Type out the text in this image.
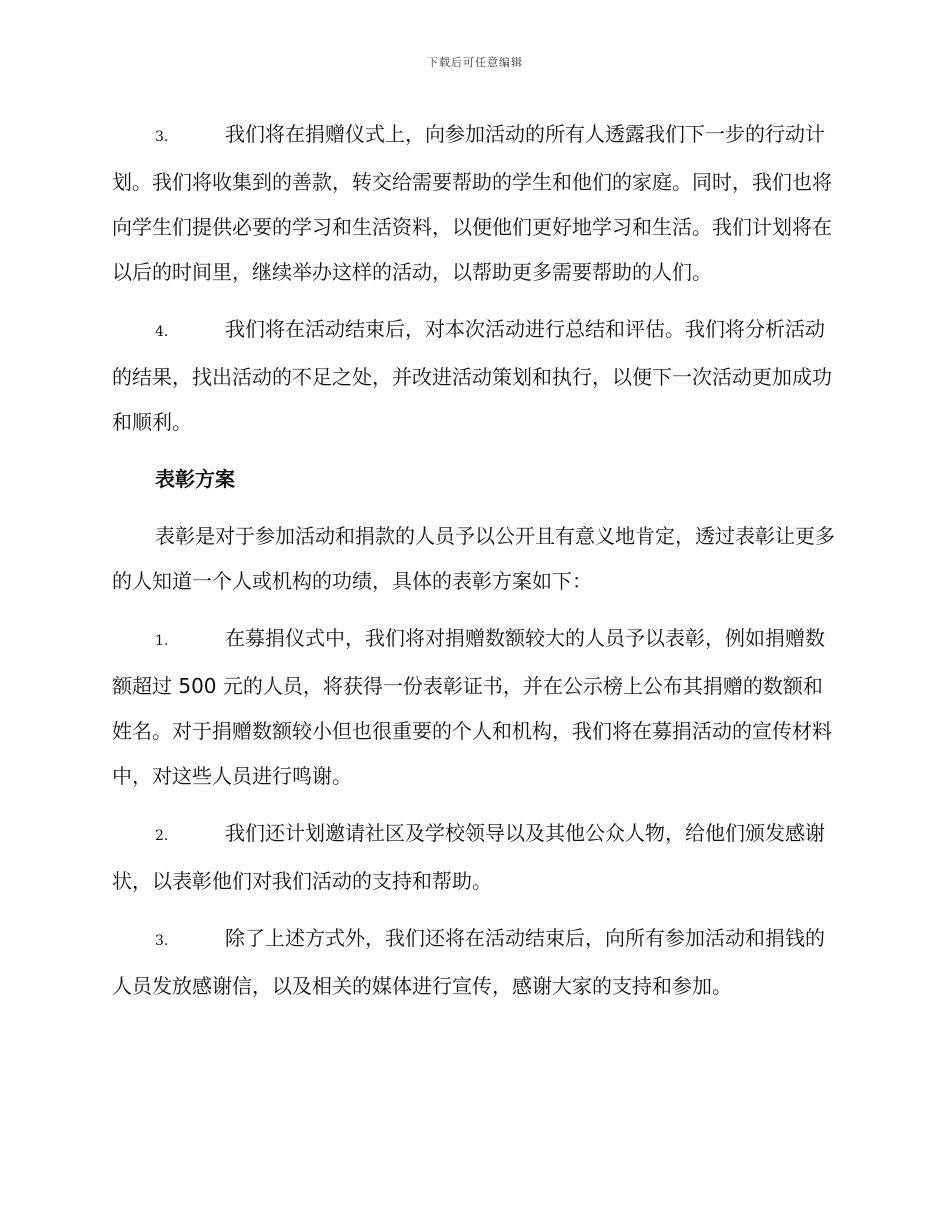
下载后可任意编辑

3.	我们将在捐赠仪式上，向参加活动的所有人透露我们下一步的行动计划。我们将收集到的善款，转交给需要帮助的学生和他们的家庭。同时，我们也将向学生们提供必要的学习和生活资料，以便他们更好地学习和生活。我们计划将在以后的时间里，继续举办这样的活动，以帮助更多需要帮助的人们。

4.	我们将在活动结束后，对本次活动进行总结和评估。我们将分析活动的结果，找出活动的不足之处，并改进活动策划和执行，以便下一次活动更加成功和顺利。

表彰方案

表彰是对于参加活动和捐款的人员予以公开且有意义地肯定，透过表彰让更多的人知道一个人或机构的功绩，具体的表彰方案如下：

1.	在募捐仪式中，我们将对捐赠数额较大的人员予以表彰，例如捐赠数额超过 500 元的人员，将获得一份表彰证书，并在公示榜上公布其捐赠的数额和姓名。对于捐赠数额较小但也很重要的个人和机构，我们将在募捐活动的宣传材料中，对这些人员进行鸣谢。

2.	我们还计划邀请社区及学校领导以及其他公众人物，给他们颁发感谢状，以表彰他们对我们活动的支持和帮助。

3.	除了上述方式外，我们还将在活动结束后，向所有参加活动和捐钱的人员发放感谢信，以及相关的媒体进行宣传，感谢大家的支持和参加。
